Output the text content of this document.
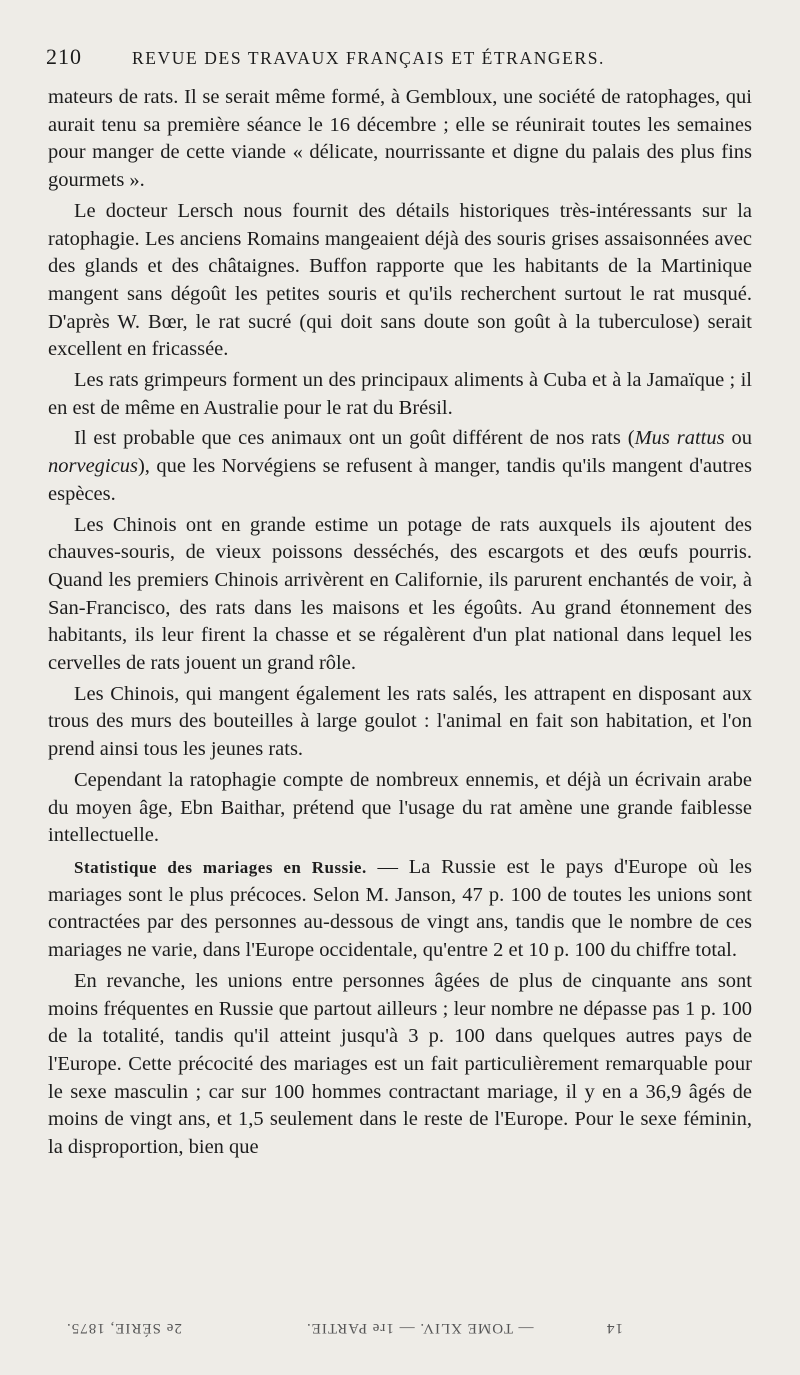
210	REVUE DES TRAVAUX FRANÇAIS ET ÉTRANGERS.

mateurs de rats. Il se serait même formé, à Gembloux, une société de ratophages, qui aurait tenu sa première séance le 16 décembre ; elle se réunirait toutes les semaines pour manger de cette viande « délicate, nourrissante et digne du palais des plus fins gourmets ».

Le docteur Lersch nous fournit des détails historiques très-intéressants sur la ratophagie. Les anciens Romains mangeaient déjà des souris grises assaisonnées avec des glands et des châtaignes. Buffon rapporte que les habitants de la Martinique mangent sans dégoût les petites souris et qu'ils recherchent surtout le rat musqué. D'après W. Bœr, le rat sucré (qui doit sans doute son goût à la tuberculose) serait excellent en fricassée.

Les rats grimpeurs forment un des principaux aliments à Cuba et à la Jamaïque ; il en est de même en Australie pour le rat du Brésil.

Il est probable que ces animaux ont un goût différent de nos rats (Mus rattus ou norvegicus), que les Norvégiens se refusent à manger, tandis qu'ils mangent d'autres espèces.

Les Chinois ont en grande estime un potage de rats auxquels ils ajoutent des chauves-souris, de vieux poissons desséchés, des escargots et des œufs pourris. Quand les premiers Chinois arrivèrent en Californie, ils parurent enchantés de voir, à San-Francisco, des rats dans les maisons et les égoûts. Au grand étonnement des habitants, ils leur firent la chasse et se régalèrent d'un plat national dans lequel les cervelles de rats jouent un grand rôle.

Les Chinois, qui mangent également les rats salés, les attrapent en disposant aux trous des murs des bouteilles à large goulot : l'animal en fait son habitation, et l'on prend ainsi tous les jeunes rats.

Cependant la ratophagie compte de nombreux ennemis, et déjà un écrivain arabe du moyen âge, Ebn Baithar, prétend que l'usage du rat amène une grande faiblesse intellectuelle.

Statistique des mariages en Russie. — La Russie est le pays d'Europe où les mariages sont le plus précoces. Selon M. Janson, 47 p. 100 de toutes les unions sont contractées par des personnes au-dessous de vingt ans, tandis que le nombre de ces mariages ne varie, dans l'Europe occidentale, qu'entre 2 et 10 p. 100 du chiffre total.

En revanche, les unions entre personnes âgées de plus de cinquante ans sont moins fréquentes en Russie que partout ailleurs ; leur nombre ne dépasse pas 1 p. 100 de la totalité, tandis qu'il atteint jusqu'à 3 p. 100 dans quelques autres pays de l'Europe. Cette précocité des mariages est un fait particulièrement remarquable pour le sexe masculin ; car sur 100 hommes contractant mariage, il y en a 36,9 âgés de moins de vingt ans, et 1,5 seulement dans le reste de l'Europe. Pour le sexe féminin, la disproportion, bien que

14
— TOME XLIV. — 1re PARTIE.
2e SÉRIE, 1875.
